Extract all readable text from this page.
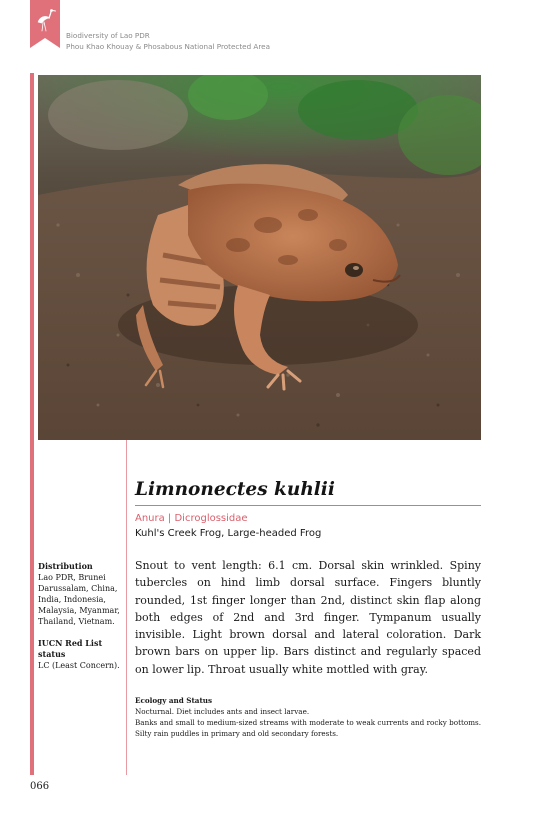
Biodiversity of Lao PDR
Phou Khao Khouay & Phosabous National Protected Area
Limnonectes kuhlii
Anura | Dicroglossidae
Kuhl's Creek Frog, Large-headed Frog
Snout to vent length: 6.1 cm. Dorsal skin wrinkled. Spiny tubercles on hind limb dorsal surface. Fingers bluntly rounded, 1st finger longer than 2nd, distinct skin flap along both edges of 2nd and 3rd finger. Tympanum usually invisible. Light brown dorsal and lateral coloration. Dark brown bars on upper lip. Bars distinct and regularly spaced on lower lip. Throat usually white mottled with gray.
Ecology and Status
Nocturnal. Diet includes ants and insect larvae.
Banks and small to medium-sized streams with moderate to weak currents and rocky bottoms. Silty rain puddles in primary and old secondary forests.
Distribution
Lao PDR, Brunei Darussalam, China, India, Indonesia, Malaysia, Myanmar, Thailand, Vietnam.
IUCN Red List status
LC (Least Concern).
066
